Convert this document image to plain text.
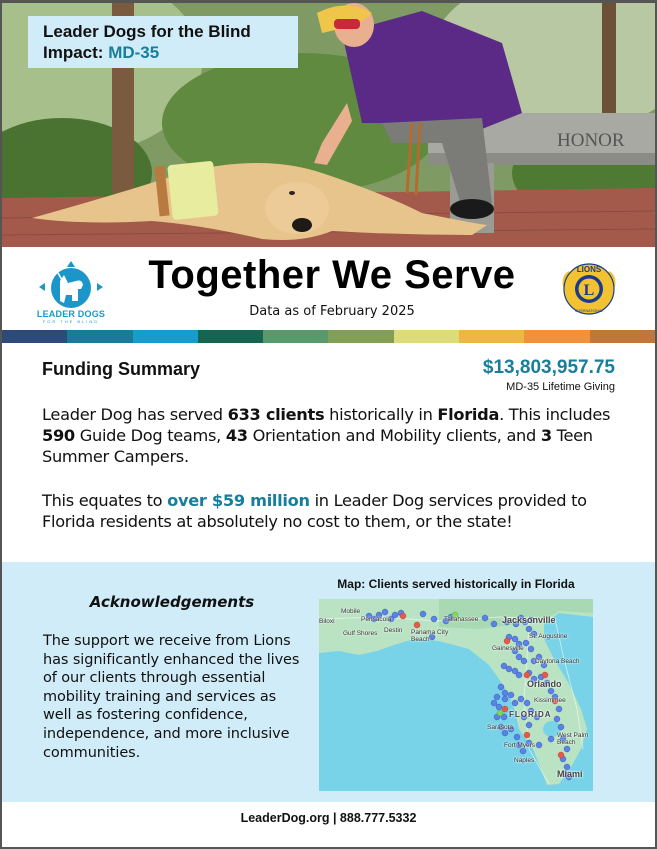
HONOR
Leader Dogs for the Blind
Impact: MD-35
LEADER DOGS
FOR THE BLIND
Together We Serve
Data as of February 2025
L
LIONS
INTERNATIONAL
Funding Summary	$13,803,957.75
MD-35 Lifetime Giving
Leader Dog has served 633 clients historically in Florida. This includes 590 Guide Dog teams, 43 Orientation and Mobility clients, and 3 Teen Summer Campers.
This equates to over $59 million in Leader Dog services provided to Florida residents at absolutely no cost to them, or the state!
Acknowledgements
The support we receive from Lions has significantly enhanced the lives of our clients through essential mobility training and services as well as fostering confidence, independence, and more inclusive communities.
Map: Clients served historically in Florida
Mobile
Biloxi	Pensacola
Gulf Shores Destin Panama City Beach
Tallahassee	Jacksonville
St. Augustine
Gainesville
Daytona Beach
Orlando
Kissimmee
FLORIDA
Sarasota
Fort Myers
West Palm Beach
Naples
Miami
LeaderDog.org | 888.777.5332
